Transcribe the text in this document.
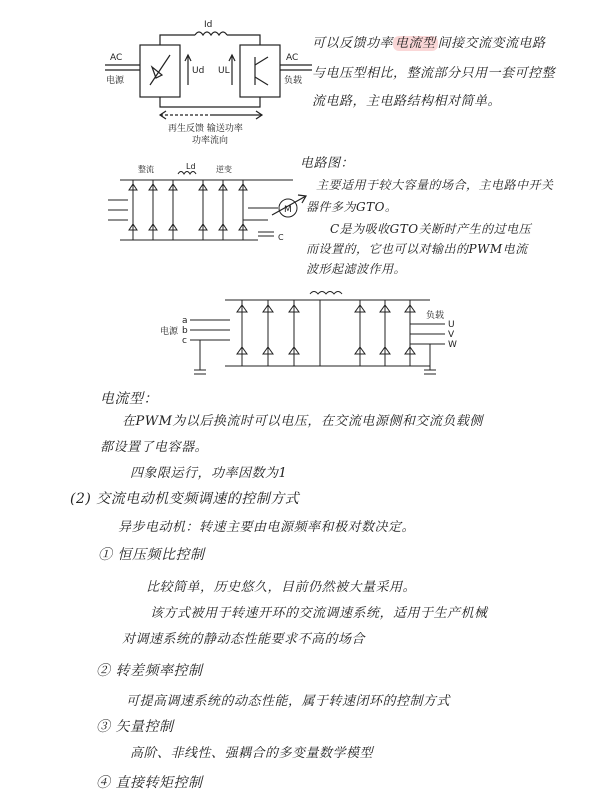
Id
Ud UL
AC
电源
AC
负载
再生反馈 输送功率
功率流向
可以反馈功率 电流型 间接交流变流电路
与电压型相比，整流部分只用一套可控整
流电路，主电路结构相对简单。
整流	Ld	逆变
M
C
电路图：
主要适用于较大容量的场合，主电路中开关
器件多为GTO。
C是为吸收GTO关断时产生的过电压
而设置的，它也可以对输出的PWM电流
波形起滤波作用。
a
b
c
电源
U
V
W
负载
电流型：
在PWM为以后换流时可以电压，在交流电源侧和交流负载侧
都设置了电容器。
四象限运行，功率因数为1
(2) 交流电动机变频调速的控制方式
异步电动机：转速主要由电源频率和极对数决定。
① 恒压频比控制
比较简单，历史悠久，目前仍然被大量采用。
该方式被用于转速开环的交流调速系统，适用于生产机械
对调速系统的静动态性能要求不高的场合
② 转差频率控制
可提高调速系统的动态性能，属于转速闭环的控制方式
③ 矢量控制
高阶、非线性、强耦合的多变量数学模型
④ 直接转矩控制
